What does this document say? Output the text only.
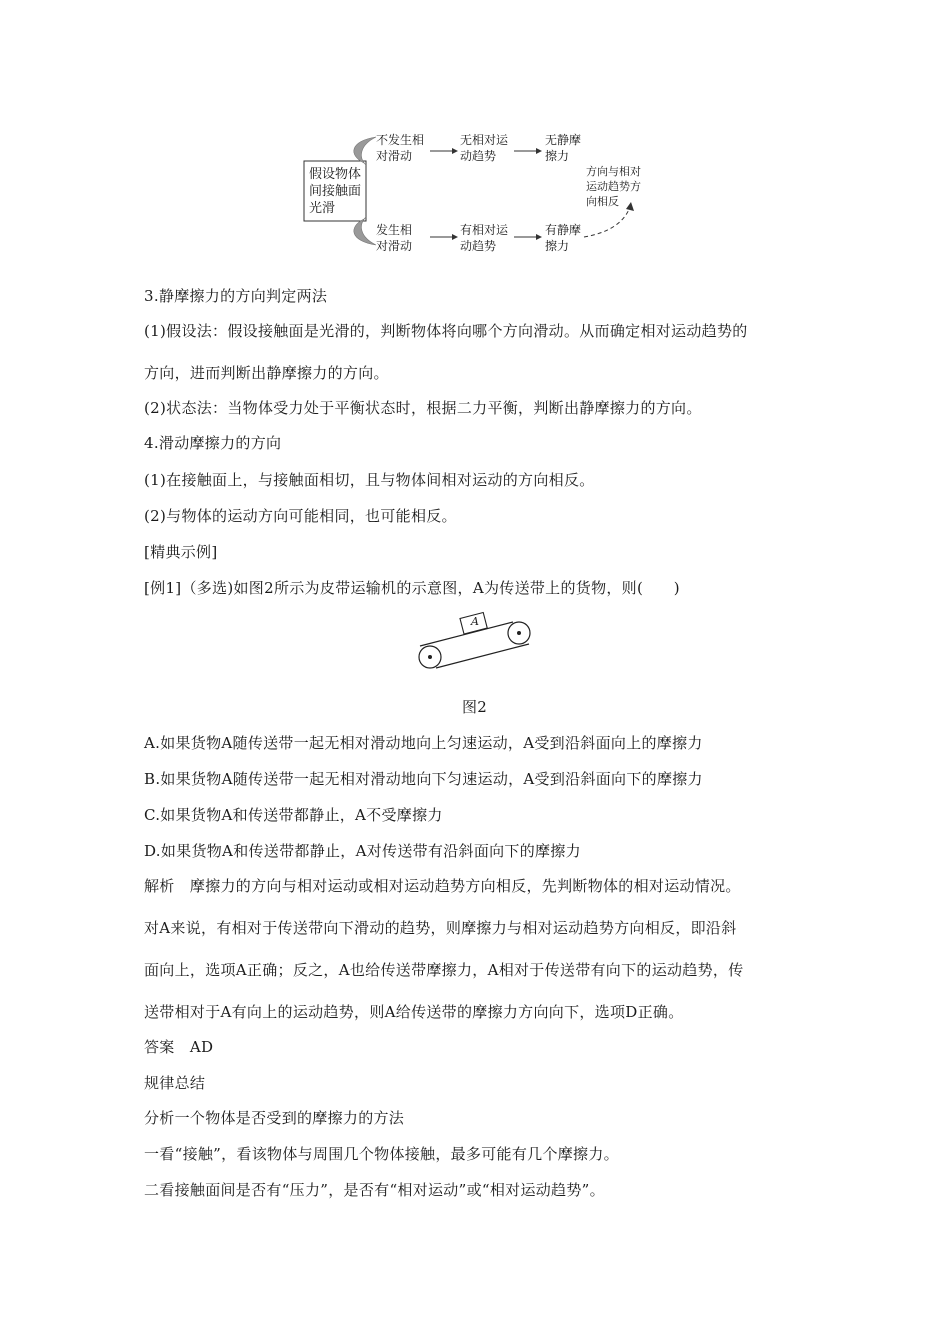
假设物体
间接触面
光滑
不发生相
对滑动
无相对运
动趋势
无静摩
擦力
方向与相对
运动趋势方
向相反
发生相
对滑动
有相对运
动趋势
有静摩
擦力
3.静摩擦力的方向判定两法
(1)假设法：假设接触面是光滑的，判断物体将向哪个方向滑动。从而确定相对运动趋势的
方向，进而判断出静摩擦力的方向。
(2)状态法：当物体受力处于平衡状态时，根据二力平衡，判断出静摩擦力的方向。
4.滑动摩擦力的方向
(1)在接触面上，与接触面相切，且与物体间相对运动的方向相反。
(2)与物体的运动方向可能相同，也可能相反。
[精典示例]
[例1]（多选)如图2所示为皮带运输机的示意图，A为传送带上的货物，则(　　)
A
图2
A.如果货物A随传送带一起无相对滑动地向上匀速运动，A受到沿斜面向上的摩擦力
B.如果货物A随传送带一起无相对滑动地向下匀速运动，A受到沿斜面向下的摩擦力
C.如果货物A和传送带都静止，A不受摩擦力
D.如果货物A和传送带都静止，A对传送带有沿斜面向下的摩擦力
解析　摩擦力的方向与相对运动或相对运动趋势方向相反，先判断物体的相对运动情况。
对A来说，有相对于传送带向下滑动的趋势，则摩擦力与相对运动趋势方向相反，即沿斜
面向上，选项A正确；反之，A也给传送带摩擦力，A相对于传送带有向下的运动趋势，传
送带相对于A有向上的运动趋势，则A给传送带的摩擦力方向向下，选项D正确。
答案　AD
规律总结
分析一个物体是否受到的摩擦力的方法
一看“接触”，看该物体与周围几个物体接触，最多可能有几个摩擦力。
二看接触面间是否有“压力”，是否有“相对运动”或“相对运动趋势”。
